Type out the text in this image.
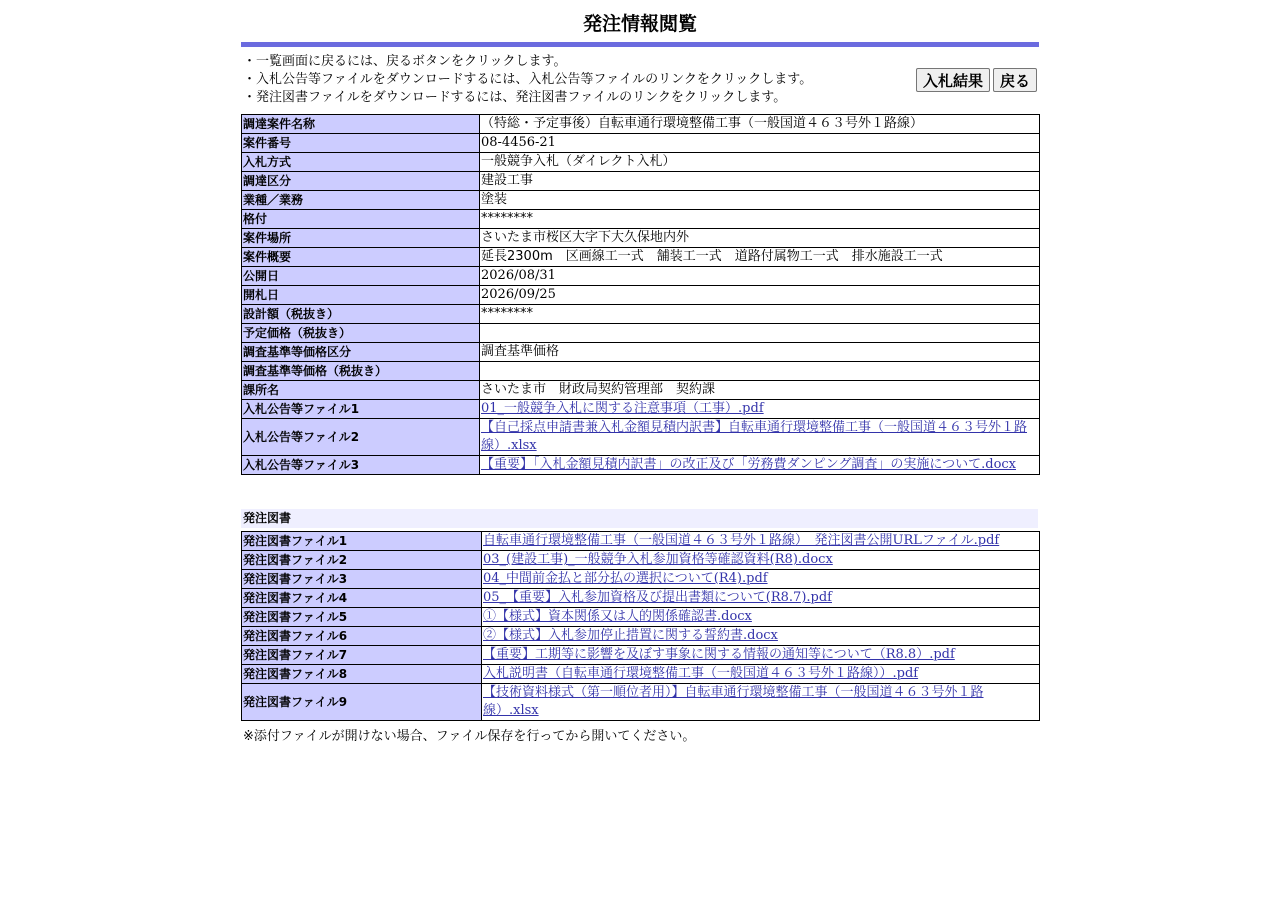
発注情報閲覧
・一覧画面に戻るには、戻るボタンをクリックします。
・入札公告等ファイルをダウンロードするには、入札公告等ファイルのリンクをクリックします。
・発注図書ファイルをダウンロードするには、発注図書ファイルのリンクをクリックします。
入札結果	戻る
調達案件名称	（特総・予定事後）自転車通行環境整備工事（一般国道４６３号外１路線）
案件番号	08-4456-21
入札方式	一般競争入札（ダイレクト入札）
調達区分	建設工事
業種／業務	塗装
格付	********
案件場所	さいたま市桜区大字下大久保地内外
案件概要	延長2300m　区画線工一式　舗装工一式　道路付属物工一式　排水施設工一式
公開日	2026/08/31
開札日	2026/09/25
設計額（税抜き）	********
予定価格（税抜き）	
調査基準等価格区分	調査基準価格
調査基準等価格（税抜き）	
課所名	さいたま市　財政局契約管理部　契約課
入札公告等ファイル1	01_一般競争入札に関する注意事項（工事）.pdf
入札公告等ファイル2	【自己採点申請書兼入札金額見積内訳書】自転車通行環境整備工事（一般国道４６３号外１路線）.xlsx
入札公告等ファイル3	【重要】「入札金額見積内訳書」の改正及び「労務費ダンピング調査」の実施について.docx
発注図書
発注図書ファイル1	自転車通行環境整備工事（一般国道４６３号外１路線）　発注図書公開URLファイル.pdf
発注図書ファイル2	03_(建設工事)_一般競争入札参加資格等確認資料(R8).docx
発注図書ファイル3	04_中間前金払と部分払の選択について(R4).pdf
発注図書ファイル4	05_【重要】入札参加資格及び提出書類について(R8.7).pdf
発注図書ファイル5	①【様式】資本関係又は人的関係確認書.docx
発注図書ファイル6	②【様式】入札参加停止措置に関する誓約書.docx
発注図書ファイル7	【重要】工期等に影響を及ぼす事象に関する情報の通知等について（R8.8）.pdf
発注図書ファイル8	入札説明書（自転車通行環境整備工事（一般国道４６３号外１路線））.pdf
発注図書ファイル9	【技術資料様式（第一順位者用）】自転車通行環境整備工事（一般国道４６３号外１路線）.xlsx
※添付ファイルが開けない場合、ファイル保存を行ってから開いてください。
